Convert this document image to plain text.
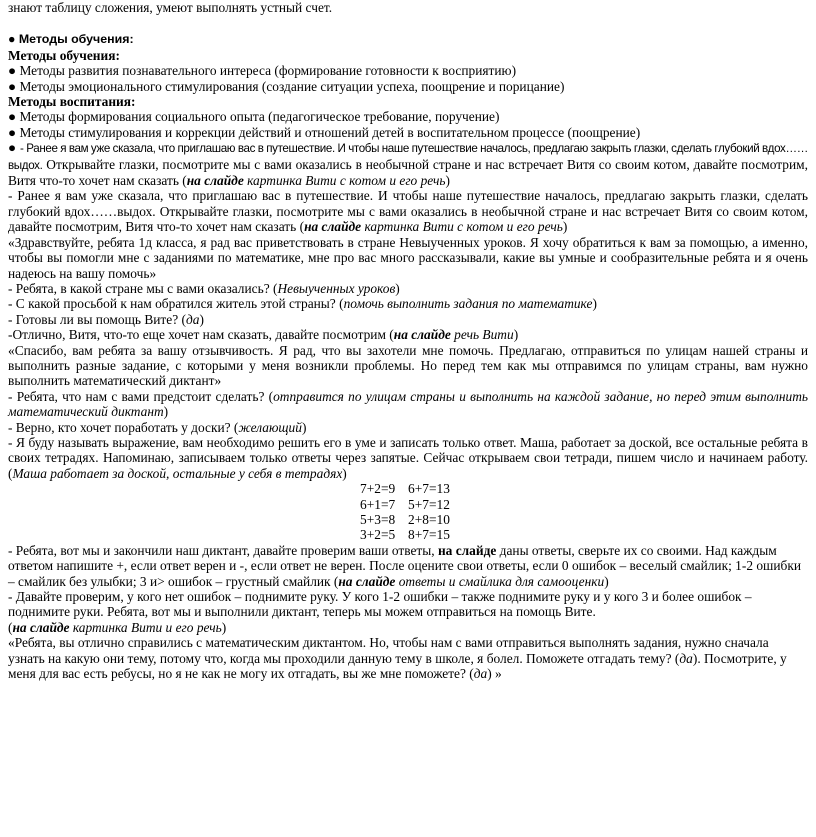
знают таблицу сложения, умеют выполнять устный счет.

● Методы обучения:

Методы обучения:

● Методы развития познавательного интереса (формирование готовности к восприятию)

● Методы эмоционального стимулирования (создание ситуации успеха, поощрение и порицание)

Методы воспитания:

● Методы формирования социального опыта (педагогическое требование, поручение)

● Методы стимулирования и коррекции действий и отношений детей в воспитательном процессе (поощрение)

● - Ранее я вам уже сказала, что приглашаю вас в путешествие. И чтобы наше путешествие началось, предлагаю закрыть глазки, сделать глубокий вдох……выдох. Открывайте глазки, посмотрите мы с вами оказались в необычной стране и нас встречает Витя со своим котом, давайте посмотрим, Витя что-то хочет нам сказать (на слайде картинка Вити с котом и его речь)

- Ранее я вам уже сказала, что приглашаю вас в путешествие. И чтобы наше путешествие началось, предлагаю закрыть глазки, сделать глубокий вдох……выдох. Открывайте глазки, посмотрите мы с вами оказались в необычной стране и нас встречает Витя со своим котом, давайте посмотрим, Витя что-то хочет нам сказать (на слайде картинка Вити с котом и его речь)

«Здравствуйте, ребята 1д класса, я рад вас приветствовать в стране Невыученных уроков. Я хочу обратиться к вам за помощью, а именно, чтобы вы помогли мне с заданиями по математике, мне про вас много рассказывали, какие вы умные и сообразительные ребята и я очень надеюсь на вашу помочь»

- Ребята, в какой стране мы с вами оказались? (Невыученных уроков)

- С какой просьбой к нам обратился житель этой страны? (помочь выполнить задания по математике)

- Готовы ли вы помощь Вите? (да)

-Отлично, Витя, что-то еще хочет нам сказать, давайте посмотрим (на слайде речь Вити)

«Спасибо, вам ребята за вашу отзывчивость. Я рад, что вы захотели мне помочь. Предлагаю, отправиться по улицам нашей страны и выполнить разные задание, с которыми у меня возникли проблемы. Но перед тем как мы отправимся по улицам страны, вам нужно выполнить математический диктант»

- Ребята, что нам с вами предстоит сделать? (отправится по улицам страны и выполнить на каждой задание, но перед этим выполнить математический диктант)

- Верно, кто хочет поработать у доски? (желающий)

- Я буду называть выражение, вам необходимо решить его в уме и записать только ответ. Маша, работает за доской, все остальные ребята в своих тетрадях. Напоминаю, записываем только ответы через запятые. Сейчас открываем свои тетради, пишем число и начинаем работу. (Маша работает за доской, остальные у себя в тетрадях)

7+2=9 6+7=13
6+1=7 5+7=12
5+3=8 2+8=10
3+2=5 8+7=15

- Ребята, вот мы и закончили наш диктант, давайте проверим ваши ответы, на слайде даны ответы, сверьте их со своими. Над каждым ответом напишите +, если ответ верен и -, если ответ не верен. После оцените свои ответы, если 0 ошибок – веселый смайлик; 1-2 ошибки – смайлик без улыбки; 3 и> ошибок – грустный смайлик (на слайде ответы и смайлика для самооценки)

- Давайте проверим, у кого нет ошибок – поднимите руку. У кого 1-2 ошибки – также поднимите руку и у кого 3 и более ошибок – поднимите руки. Ребята, вот мы и выполнили диктант, теперь мы можем отправиться на помощь Вите.

(на слайде картинка Вити и его речь)

«Ребята, вы отлично справились с математическим диктантом. Но, чтобы нам с вами отправиться выполнять задания, нужно сначала узнать на какую они тему, потому что, когда мы проходили данную тему в школе, я болел. Поможете отгадать тему? (да). Посмотрите, у меня для вас есть ребусы, но я не как не могу их отгадать, вы же мне поможете? (да) »
